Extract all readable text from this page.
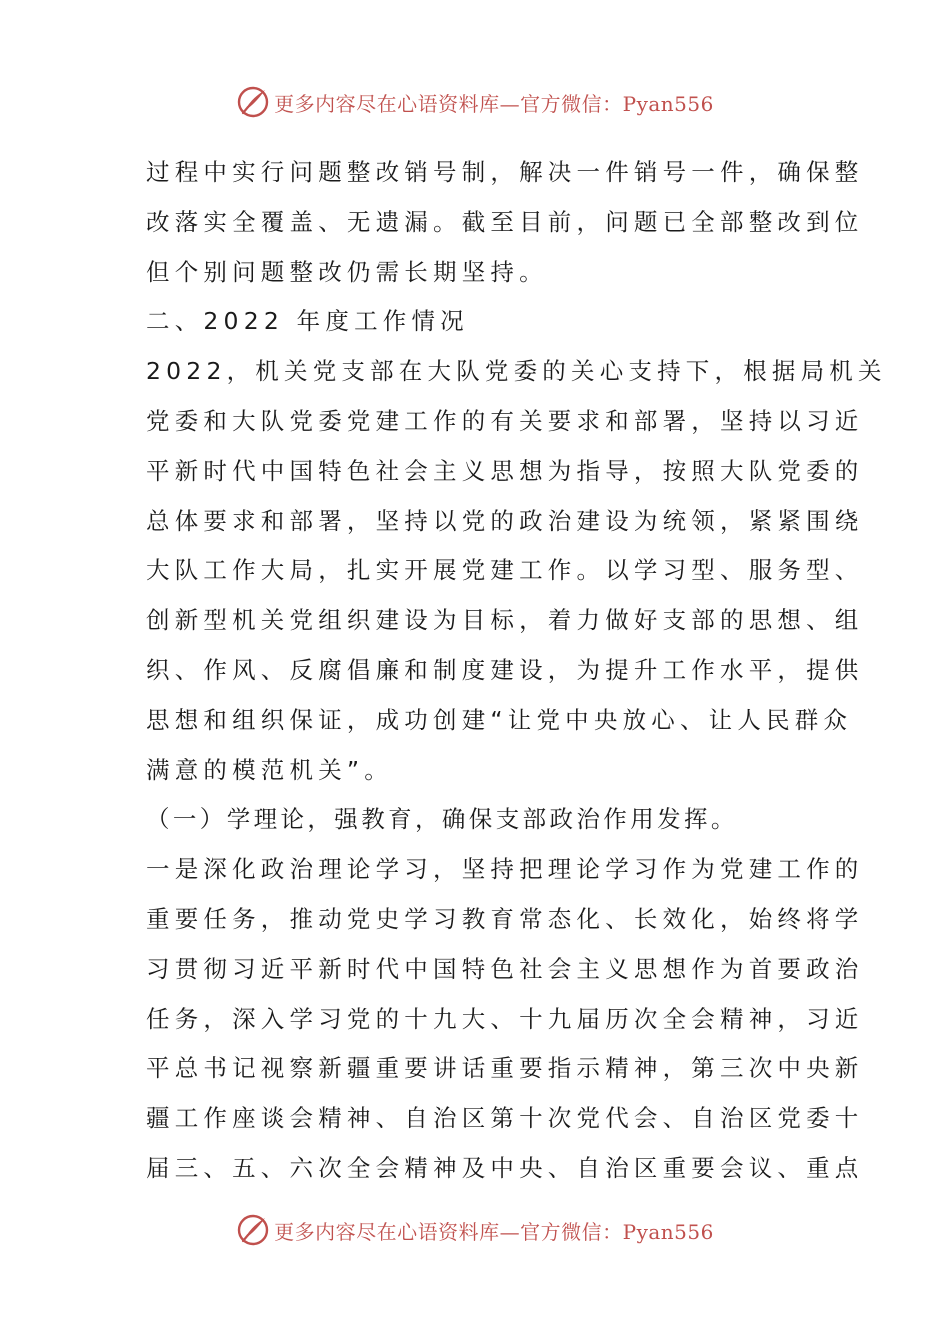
更多内容尽在心语资料库—官方微信：Pyan556

过程中实行问题整改销号制，解决一件销号一件，确保整

改落实全覆盖、无遗漏。截至目前，问题已全部整改到位

但个别问题整改仍需长期坚持。

二、2022 年度工作情况

2022，机关党支部在大队党委的关心支持下，根据局机关

党委和大队党委党建工作的有关要求和部署，坚持以习近

平新时代中国特色社会主义思想为指导，按照大队党委的

总体要求和部署，坚持以党的政治建设为统领，紧紧围绕

大队工作大局，扎实开展党建工作。以学习型、服务型、

创新型机关党组织建设为目标，着力做好支部的思想、组

织、作风、反腐倡廉和制度建设，为提升工作水平，提供

思想和组织保证，成功创建“让党中央放心、让人民群众

满意的模范机关”。

（一）学理论，强教育，确保支部政治作用发挥。

一是深化政治理论学习，坚持把理论学习作为党建工作的

重要任务，推动党史学习教育常态化、长效化，始终将学

习贯彻习近平新时代中国特色社会主义思想作为首要政治

任务，深入学习党的十九大、十九届历次全会精神，习近

平总书记视察新疆重要讲话重要指示精神，第三次中央新

疆工作座谈会精神、自治区第十次党代会、自治区党委十

届三、五、六次全会精神及中央、自治区重要会议、重点

更多内容尽在心语资料库—官方微信：Pyan556
